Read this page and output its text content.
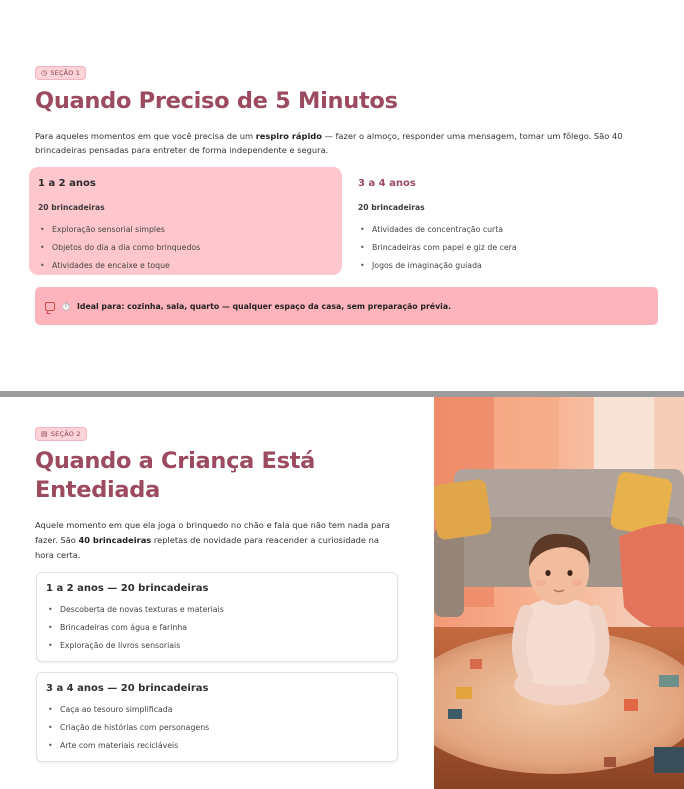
◷ SEÇÃO 1
Quando Preciso de 5 Minutos

Para aqueles momentos em que você precisa de um respiro rápido — fazer o almoço, responder uma mensagem, tomar um fôlego. São 40 brincadeiras pensadas para entreter de forma independente e segura.

1 a 2 anos
20 brincadeiras
• Exploração sensorial simples
• Objetos do dia a dia como brinquedos
• Atividades de encaixe e toque
3 a 4 anos
20 brincadeiras
• Atividades de concentração curta
• Brincadeiras com papel e giz de cera
• Jogos de imaginação guiada
⏱️ Ideal para: cozinha, sala, quarto — qualquer espaço da casa, sem preparação prévia.
▤ SEÇÃO 2
Quando a Criança Está Entediada

Aquele momento em que ela joga o brinquedo no chão e fala que não tem nada para fazer. São 40 brincadeiras repletas de novidade para reacender a curiosidade na hora certa.

1 a 2 anos — 20 brincadeiras
• Descoberta de novas texturas e materiais
• Brincadeiras com água e farinha
• Exploração de livros sensoriais
3 a 4 anos — 20 brincadeiras
• Caça ao tesouro simplificada
• Criação de histórias com personagens
• Arte com materiais recicláveis
